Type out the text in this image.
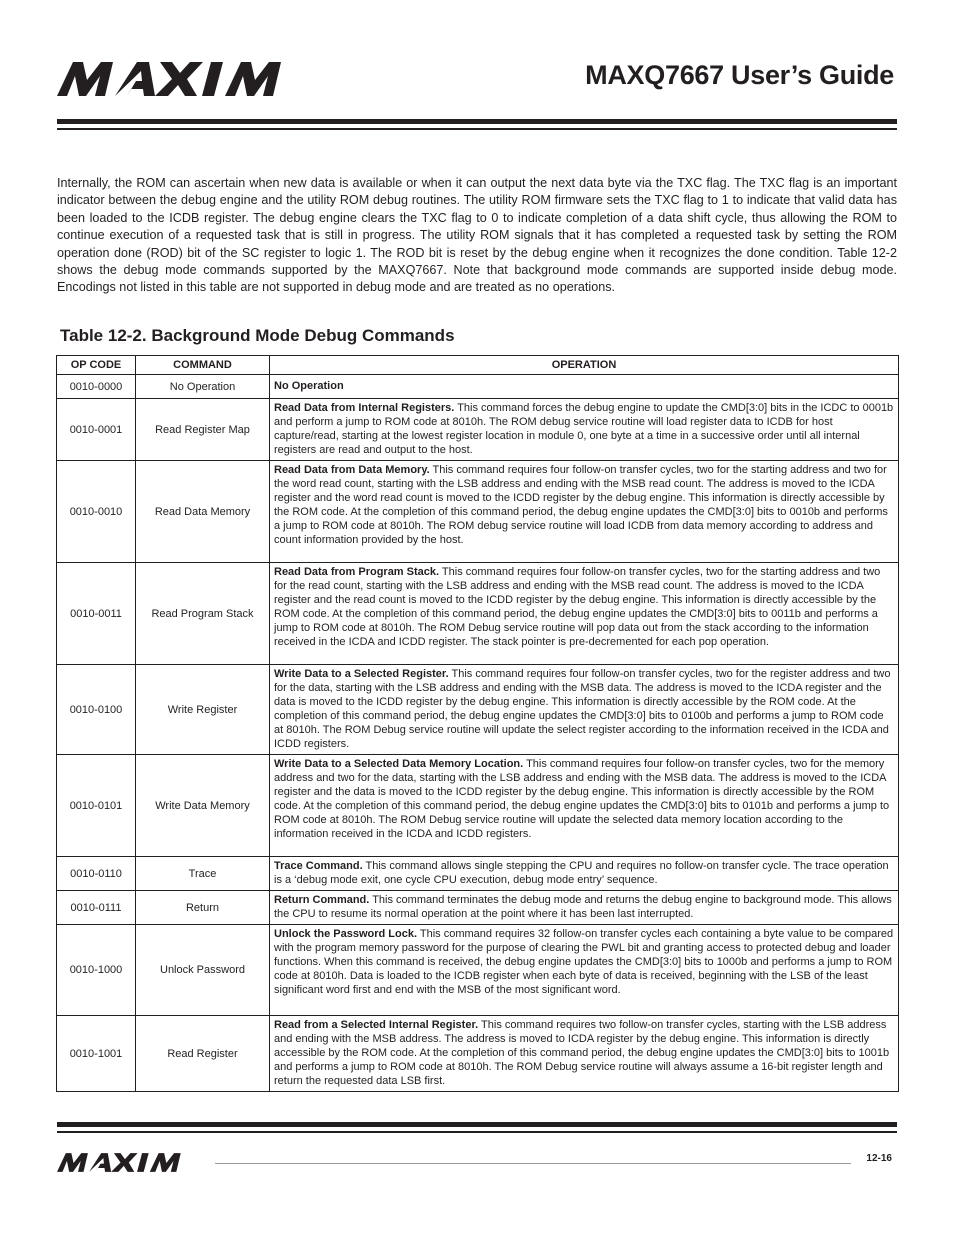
MAXQ7667 User’s Guide
Internally, the ROM can ascertain when new data is available or when it can output the next data byte via the TXC flag. The TXC flag is an important indicator between the debug engine and the utility ROM debug routines. The utility ROM firmware sets the TXC flag to 1 to indicate that valid data has been loaded to the ICDB register. The debug engine clears the TXC flag to 0 to indicate completion of a data shift cycle, thus allowing the ROM to continue execution of a requested task that is still in progress. The utility ROM signals that it has completed a requested task by setting the ROM operation done (ROD) bit of the SC register to logic 1. The ROD bit is reset by the debug engine when it recognizes the done condition. Table 12-2 shows the debug mode commands supported by the MAXQ7667. Note that background mode commands are supported inside debug mode. Encodings not listed in this table are not supported in debug mode and are treated as no operations.
Table 12-2. Background Mode Debug Commands
OP CODE	COMMAND	OPERATION
0010-0000	No Operation	No Operation
0010-0001	Read Register Map	Read Data from Internal Registers. This command forces the debug engine to update the CMD[3:0] bits in the ICDC to 0001b and perform a jump to ROM code at 8010h. The ROM debug service routine will load register data to ICDB for host capture/read, starting at the lowest register location in module 0, one byte at a time in a successive order until all internal registers are read and output to the host.
0010-0010	Read Data Memory	Read Data from Data Memory. This command requires four follow-on transfer cycles, two for the starting address and two for the word read count, starting with the LSB address and ending with the MSB read count. The address is moved to the ICDA register and the word read count is moved to the ICDD register by the debug engine. This information is directly accessible by the ROM code. At the completion of this command period, the debug engine updates the CMD[3:0] bits to 0010b and performs a jump to ROM code at 8010h. The ROM debug service routine will load ICDB from data memory according to address and count information provided by the host.
0010-0011	Read Program Stack	Read Data from Program Stack. This command requires four follow-on transfer cycles, two for the starting address and two for the read count, starting with the LSB address and ending with the MSB read count. The address is moved to the ICDA register and the read count is moved to the ICDD register by the debug engine. This information is directly accessible by the ROM code. At the completion of this command period, the debug engine updates the CMD[3:0] bits to 0011b and performs a jump to ROM code at 8010h. The ROM Debug service routine will pop data out from the stack according to the information received in the ICDA and ICDD register. The stack pointer is pre-decremented for each pop operation.
0010-0100	Write Register	Write Data to a Selected Register. This command requires four follow-on transfer cycles, two for the register address and two for the data, starting with the LSB address and ending with the MSB data. The address is moved to the ICDA register and the data is moved to the ICDD register by the debug engine. This information is directly accessible by the ROM code. At the completion of this command period, the debug engine updates the CMD[3:0] bits to 0100b and performs a jump to ROM code at 8010h. The ROM Debug service routine will update the select register according to the information received in the ICDA and ICDD registers.
0010-0101	Write Data Memory	Write Data to a Selected Data Memory Location. This command requires four follow-on transfer cycles, two for the memory address and two for the data, starting with the LSB address and ending with the MSB data. The address is moved to the ICDA register and the data is moved to the ICDD register by the debug engine. This information is directly accessible by the ROM code. At the completion of this command period, the debug engine updates the CMD[3:0] bits to 0101b and performs a jump to ROM code at 8010h. The ROM Debug service routine will update the selected data memory location according to the information received in the ICDA and ICDD registers.
0010-0110	Trace	Trace Command. This command allows single stepping the CPU and requires no follow-on transfer cycle. The trace operation is a ‘debug mode exit, one cycle CPU execution, debug mode entry’ sequence.
0010-0111	Return	Return Command. This command terminates the debug mode and returns the debug engine to background mode. This allows the CPU to resume its normal operation at the point where it has been last interrupted.
0010-1000	Unlock Password	Unlock the Password Lock. This command requires 32 follow-on transfer cycles each containing a byte value to be compared with the program memory password for the purpose of clearing the PWL bit and granting access to protected debug and loader functions. When this command is received, the debug engine updates the CMD[3:0] bits to 1000b and performs a jump to ROM code at 8010h. Data is loaded to the ICDB register when each byte of data is received, beginning with the LSB of the least significant word first and end with the MSB of the most significant word.
0010-1001	Read Register	Read from a Selected Internal Register. This command requires two follow-on transfer cycles, starting with the LSB address and ending with the MSB address. The address is moved to ICDA register by the debug engine. This information is directly accessible by the ROM code. At the completion of this command period, the debug engine updates the CMD[3:0] bits to 1001b and performs a jump to ROM code at 8010h. The ROM Debug service routine will always assume a 16-bit register length and return the requested data LSB first.
12-16
